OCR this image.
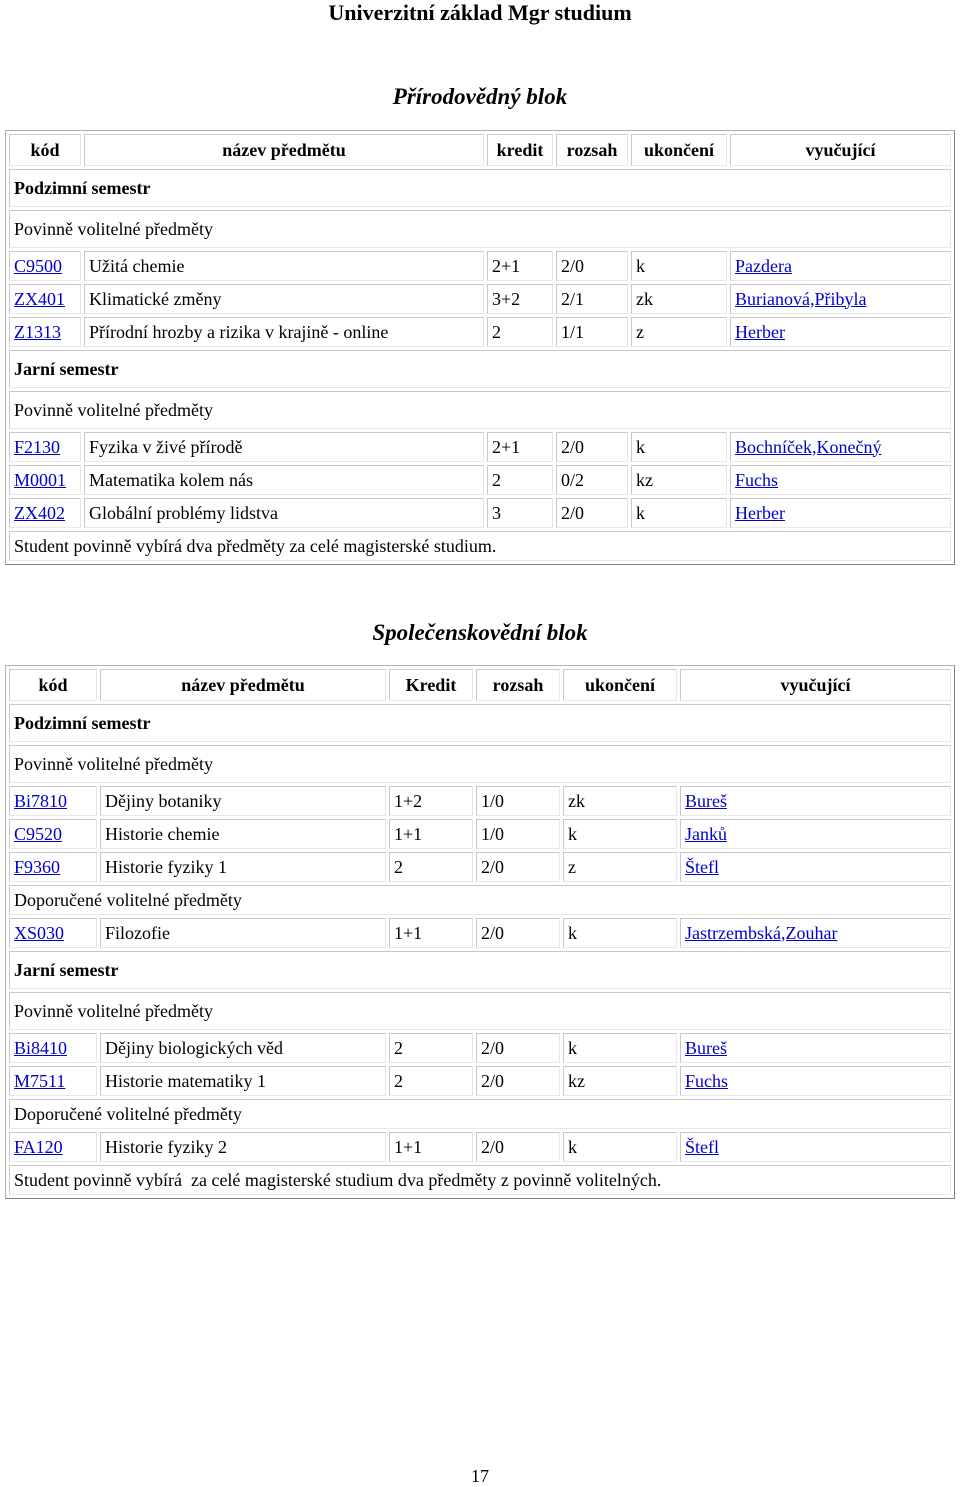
Univerzitní základ Mgr studium
Přírodovědný blok
kód	název předmětu	kredit	rozsah	ukončení	vyučující
Podzimní semestr					
Povinně volitelné předměty					
C9500	Užitá chemie	2+1	2/0	k	Pazdera
ZX401	Klimatické změny	3+2	2/1	zk	Burianová,Přibyla
Z1313	Přírodní hrozby a rizika v krajině - online	2	1/1	z	Herber
Jarní semestr					
Povinně volitelné předměty					
F2130	Fyzika v živé přírodě	2+1	2/0	k	Bochníček,Konečný
M0001	Matematika kolem nás	2	0/2	kz	Fuchs
ZX402	Globální problémy lidstva	3	2/0	k	Herber
Student povinně vybírá dva předměty za celé magisterské studium.					
Společenskovědní blok
kód	název předmětu	Kredit	rozsah	ukončení	vyučující
Podzimní semestr					
Povinně volitelné předměty					
Bi7810	Dějiny botaniky	1+2	1/0	zk	Bureš
C9520	Historie chemie	1+1	1/0	k	Janků
F9360	Historie fyziky 1	2	2/0	z	Štefl
Doporučené volitelné předměty					
XS030	Filozofie	1+1	2/0	k	Jastrzembská,Zouhar
Jarní semestr					
Povinně volitelné předměty					
Bi8410	Dějiny biologických věd	2	2/0	k	Bureš
M7511	Historie matematiky 1	2	2/0	kz	Fuchs
Doporučené volitelné předměty					
FA120	Historie fyziky 2	1+1	2/0	k	Štefl
Student povinně vybírá  za celé magisterské studium dva předměty z povinně volitelných.					
17
